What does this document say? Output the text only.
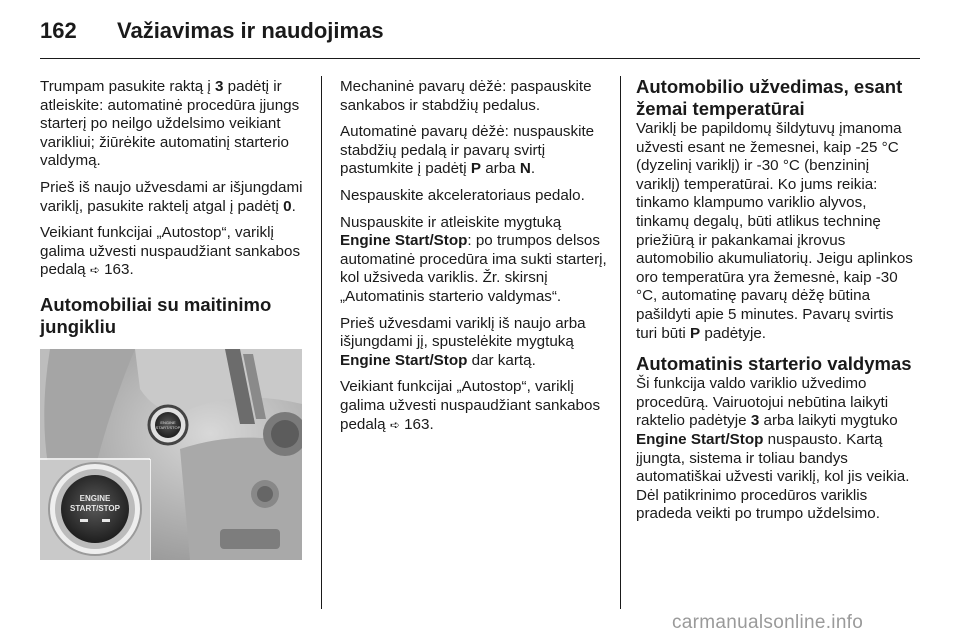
162 Važiavimas ir naudojimas

Trumpam pasukite raktą į 3 padėtį ir atleiskite: automatinė procedūra įjungs starterį po neilgo uždelsimo veikiant varikliui; žiūrėkite automatinį starterio valdymą.

Prieš iš naujo užvesdami ar išjungdami variklį, pasukite raktelį atgal į padėtį 0.

Veikiant funkcijai „Autostop“, variklį galima užvesti nuspaudžiant sankabos pedalą ➪ 163.

Automobiliai su maitinimo jungikliu
ENGINE
START/STOP
ENGINE
START/STOP

Mechaninė pavarų dėžė: paspauskite sankabos ir stabdžių pedalus.

Automatinė pavarų dėžė: nuspauskite stabdžių pedalą ir pavarų svirtį pastumkite į padėtį P arba N.

Nespauskite akceleratoriaus pedalo.

Nuspauskite ir atleiskite mygtuką Engine Start/Stop: po trumpos delsos automatinė procedūra ima sukti starterį, kol užsiveda variklis. Žr. skirsnį „Automatinis starterio valdymas“.

Prieš užvesdami variklį iš naujo arba išjungdami jį, spustelėkite mygtuką Engine Start/Stop dar kartą.

Veikiant funkcijai „Autostop“, variklį galima užvesti nuspaudžiant sankabos pedalą ➪ 163.

Automobilio užvedimas, esant žemai temperatūrai

Variklį be papildomų šildytuvų įmanoma užvesti esant ne žemesnei, kaip -25 °C (dyzelinį variklį) ir -30 °C (benzininį variklį) temperatūrai. Ko jums reikia: tinkamo klampumo variklio alyvos, tinkamų degalų, būti atlikus techninę priežiūrą ir pakankamai įkrovus automobilio akumuliatorių. Jeigu aplinkos oro temperatūra yra žemesnė, kaip -30 °C, automatinę pavarų dėžę būtina pašildyti apie 5 minutes. Pavarų svirtis turi būti P padėtyje.

Automatinis starterio valdymas

Ši funkcija valdo variklio užvedimo procedūrą. Vairuotojui nebūtina laikyti raktelio padėtyje 3 arba laikyti mygtuko Engine Start/Stop nuspausto. Kartą įjungta, sistema ir toliau bandys automatiškai užvesti variklį, kol jis veikia. Dėl patikrinimo procedūros variklis pradeda veikti po trumpo uždelsimo.

carmanualsonline.info
